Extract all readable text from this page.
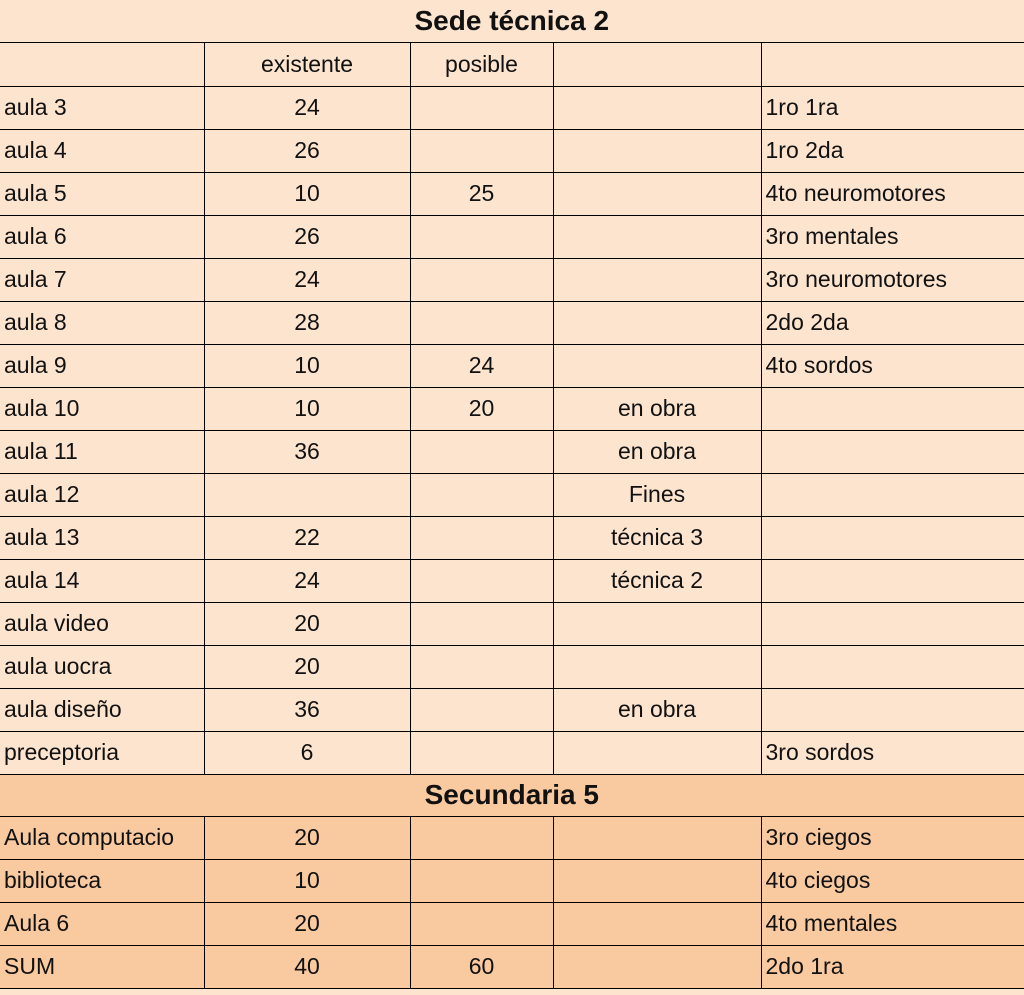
Sede técnica 2				
	existente	posible		
aula 3	24			1ro 1ra
aula 4	26			1ro 2da
aula 5	10	25		4to neuromotores
aula 6	26			3ro mentales
aula 7	24			3ro neuromotores
aula 8	28			2do 2da
aula 9	10	24		4to sordos
aula 10	10	20	en obra	
aula 11	36		en obra	
aula 12			Fines	
aula 13	22		técnica 3	
aula 14	24		técnica 2	
aula video	20			
aula uocra	20			
aula diseño	36		en obra	
preceptoria	6			3ro sordos
Secundaria 5				
Aula computacio	20			3ro ciegos
biblioteca	10			4to ciegos
Aula 6	20			4to mentales
SUM	40	60		2do 1ra
